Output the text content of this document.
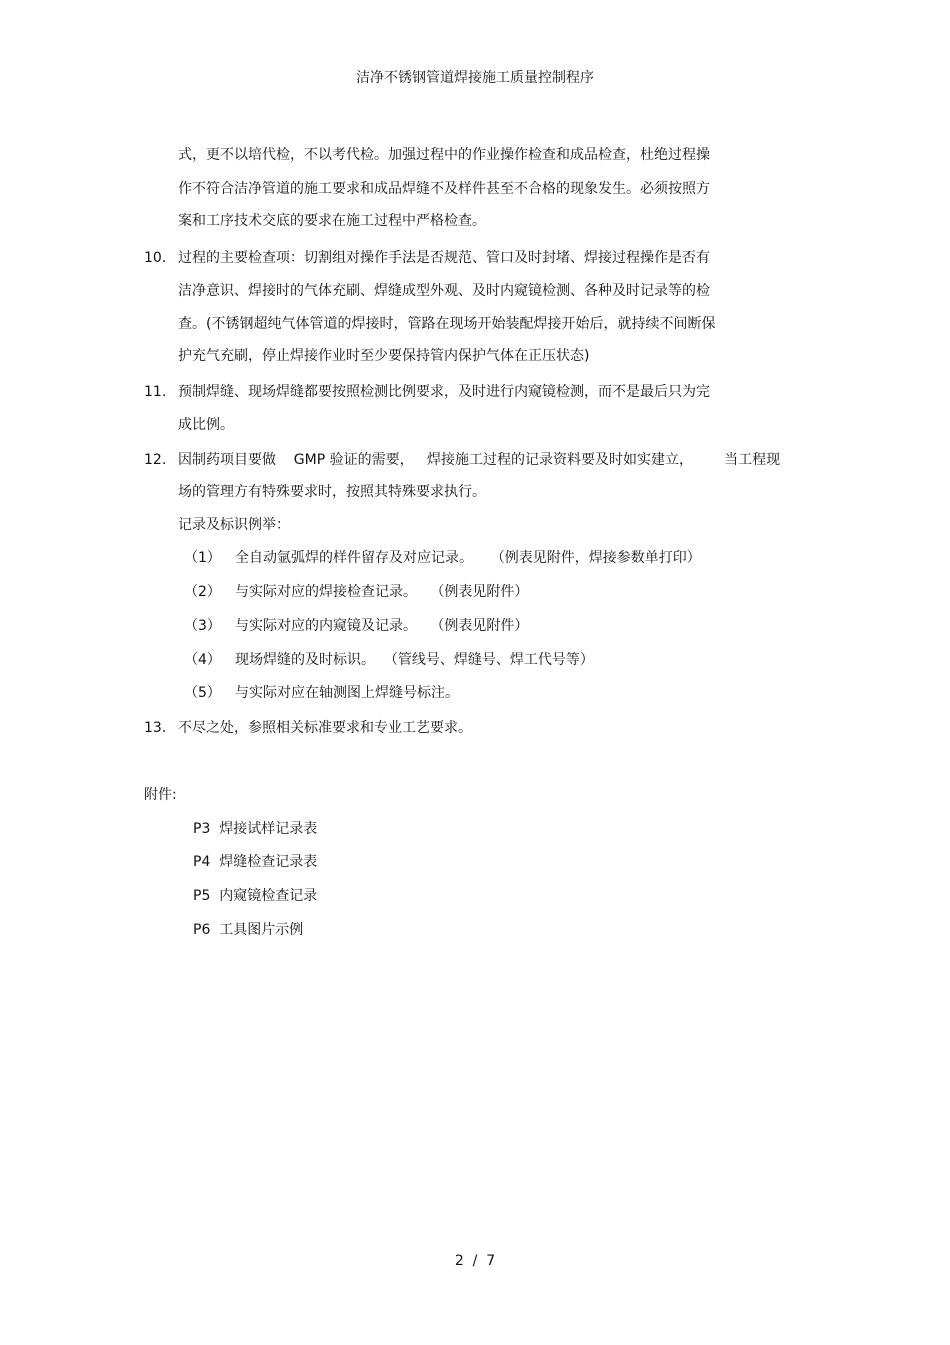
洁净不锈钢管道焊接施工质量控制程序
式，更不以培代检，不以考代检。加强过程中的作业操作检查和成品检查，杜绝过程操
作不符合洁净管道的施工要求和成品焊缝不及样件甚至不合格的现象发生。必须按照方
案和工序技术交底的要求在施工过程中严格检查。
10. 过程的主要检查项：切割组对操作手法是否规范、管口及时封堵、焊接过程操作是否有
洁净意识、焊接时的气体充刷、焊缝成型外观、及时内窥镜检测、各种及时记录等的检
查。(不锈钢超纯气体管道的焊接时，管路在现场开始装配焊接开始后，就持续不间断保
护充气充刷，停止焊接作业时至少要保持管内保护气体在正压状态)
11. 预制焊缝、现场焊缝都要按照检测比例要求，及时进行内窥镜检测，而不是最后只为完
成比例。
12. 因制药项目要做    GMP 验证的需要，   焊接施工过程的记录资料要及时如实建立，       当工程现
场的管理方有特殊要求时，按照其特殊要求执行。
记录及标识例举：
（1） 全自动氩弧焊的样件留存及对应记录。    （例表见附件，焊接参数单打印）
（2） 与实际对应的焊接检查记录。   （例表见附件）
（3） 与实际对应的内窥镜及记录。   （例表见附件）
（4） 现场焊缝的及时标识。  （管线号、焊缝号、焊工代号等）
（5） 与实际对应在轴测图上焊缝号标注。
13. 不尽之处，参照相关标准要求和专业工艺要求。
附件:
P3  焊接试样记录表
P4  焊缝检查记录表
P5  内窥镜检查记录
P6  工具图片示例
2  /  7
